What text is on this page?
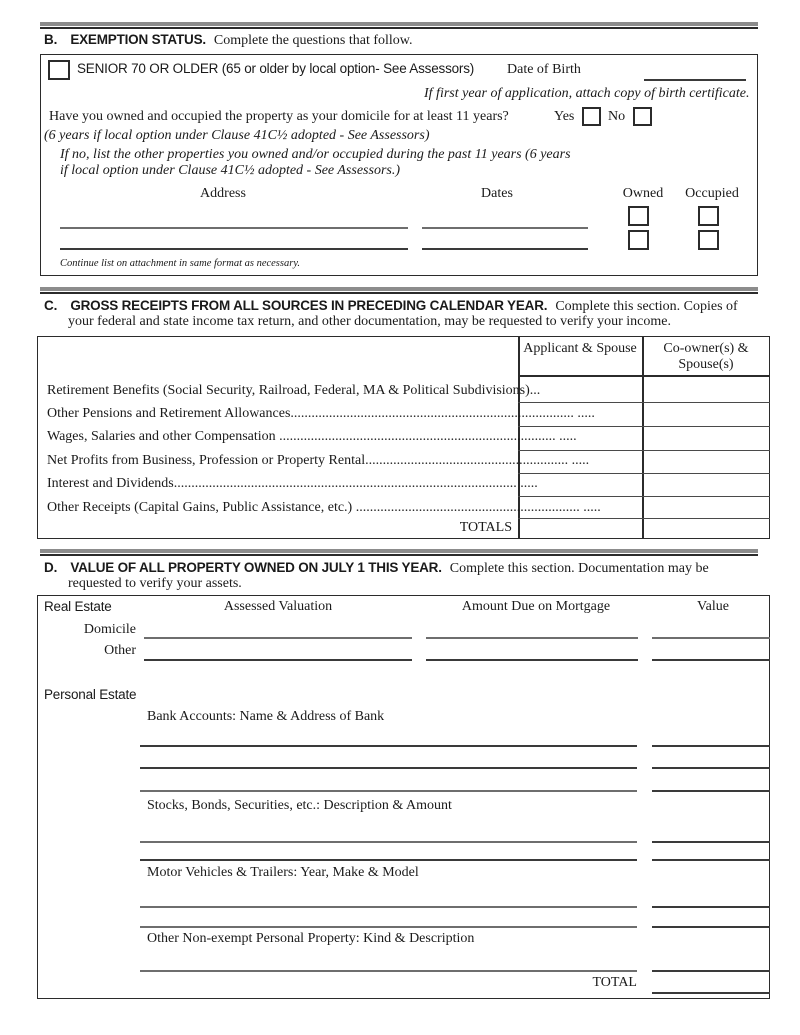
B. EXEMPTION STATUS. Complete the questions that follow.
SENIOR 70 OR OLDER (65 or older by local option- See Assessors) Date of Birth
If first year of application, attach copy of birth certificate.
Have you owned and occupied the property as your domicile for at least 11 years?	Yes No
(6 years if local option under Clause 41C½ adopted - See Assessors)
If no, list the other properties you owned and/or occupied during the past 11 years (6 years
if local option under Clause 41C½ adopted - See Assessors.)
Address	Dates	Owned	Occupied
Continue list on attachment in same format as necessary.
C. GROSS RECEIPTS FROM ALL SOURCES IN PRECEDING CALENDAR YEAR. Complete this section. Copies of
your federal and state income tax return, and other documentation, may be requested to verify your income.
Applicant & Spouse	Co-owner(s) &
Spouse(s)
Retirement Benefits (Social Security, Railroad, Federal, MA & Political Subdivisions)...
Other Pensions and Retirement Allowances................................................................................. .....
Wages, Salaries and other Compensation ............................................................................... .....
Net Profits from Business, Profession or Property Rental.......................................................... .....
Interest and Dividends.................................................................................................. .....
Other Receipts (Capital Gains, Public Assistance, etc.) ................................................................ .....
TOTALS
D. VALUE OF ALL PROPERTY OWNED ON JULY 1 THIS YEAR. Complete this section. Documentation may be
requested to verify your assets.
Real Estate	Assessed Valuation	Amount Due on Mortgage	Value
Domicile
Other
Personal Estate
Bank Accounts: Name & Address of Bank
Stocks, Bonds, Securities, etc.: Description & Amount
Motor Vehicles & Trailers: Year, Make & Model
Other Non-exempt Personal Property: Kind & Description
TOTAL
